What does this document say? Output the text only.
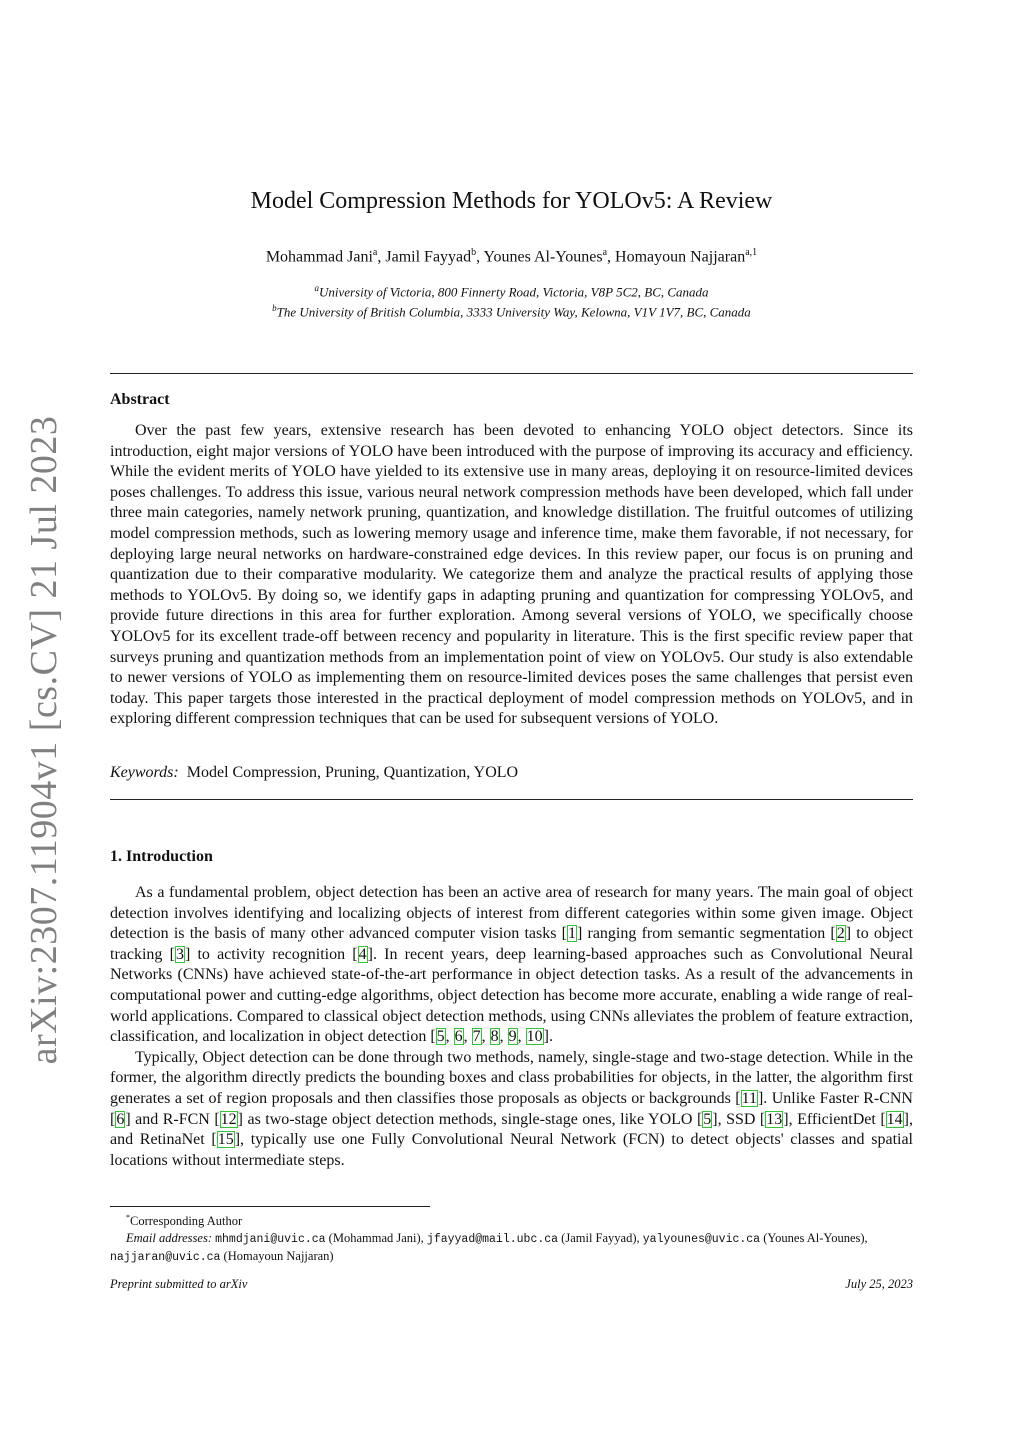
arXiv:2307.11904v1 [cs.CV] 21 Jul 2023
Model Compression Methods for YOLOv5: A Review
Mohammad Jani$^a$, Jamil Fayyad$^b$, Younes Al-Younes$^a$, Homayoun Najjaran$^{a,1}$
$^a$University of Victoria, 800 Finnerty Road, Victoria, V8P 5C2, BC, Canada
$^b$The University of British Columbia, 3333 University Way, Kelowna, V1V 1V7, BC, Canada
Abstract

Over the past few years, extensive research has been devoted to enhancing YOLO object detectors. Since its introduction, eight major versions of YOLO have been introduced with the purpose of improving its accuracy and efficiency. While the evident merits of YOLO have yielded to its extensive use in many areas, deploying it on resource-limited devices poses challenges. To address this issue, various neural network compression methods have been developed, which fall under three main categories, namely network pruning, quantization, and knowledge distillation. The fruitful outcomes of utilizing model compression methods, such as lowering memory usage and inference time, make them favorable, if not necessary, for deploying large neural networks on hardware-constrained edge devices. In this review paper, our focus is on pruning and quantization due to their comparative modularity. We categorize them and analyze the practical results of applying those methods to YOLOv5. By doing so, we identify gaps in adapting pruning and quantization for compressing YOLOv5, and provide future directions in this area for further exploration. Among several versions of YOLO, we specifically choose YOLOv5 for its excellent trade-off between recency and popularity in literature. This is the first specific review paper that surveys pruning and quantization methods from an implementation point of view on YOLOv5. Our study is also extendable to newer versions of YOLO as implementing them on resource-limited devices poses the same challenges that persist even today. This paper targets those interested in the practical deployment of model compression methods on YOLOv5, and in exploring different compression techniques that can be used for subsequent versions of YOLO.

Keywords: Model Compression, Pruning, Quantization, YOLO
1. Introduction

As a fundamental problem, object detection has been an active area of research for many years. The main goal of object detection involves identifying and localizing objects of interest from different categories within some given image. Object detection is the basis of many other advanced computer vision tasks [1] ranging from semantic segmentation [2] to object tracking [3] to activity recognition [4]. In recent years, deep learning-based approaches such as Convolutional Neural Networks (CNNs) have achieved state-of-the-art performance in object detection tasks. As a result of the advancements in computational power and cutting-edge algorithms, object detection has become more accurate, enabling a wide range of real-world applications. Compared to classical object detection methods, using CNNs alleviates the problem of feature extraction, classification, and localization in object detection [5, 6, 7, 8, 9, 10].

Typically, Object detection can be done through two methods, namely, single-stage and two-stage detection. While in the former, the algorithm directly predicts the bounding boxes and class probabilities for objects, in the latter, the algorithm first generates a set of region proposals and then classifies those proposals as objects or backgrounds [11]. Unlike Faster R-CNN [6] and R-FCN [12] as two-stage object detection methods, single-stage ones, like YOLO [5], SSD [13], EfficientDet [14], and RetinaNet [15], typically use one Fully Convolutional Neural Network (FCN) to detect objects' classes and spatial locations without intermediate steps.

*Corresponding Author

Email addresses: mhmdjani@uvic.ca (Mohammad Jani), jfayyad@mail.ubc.ca (Jamil Fayyad), yalyounes@uvic.ca (Younes Al-Younes), najjaran@uvic.ca (Homayoun Najjaran)

Preprint submitted to arXiv	July 25, 2023
